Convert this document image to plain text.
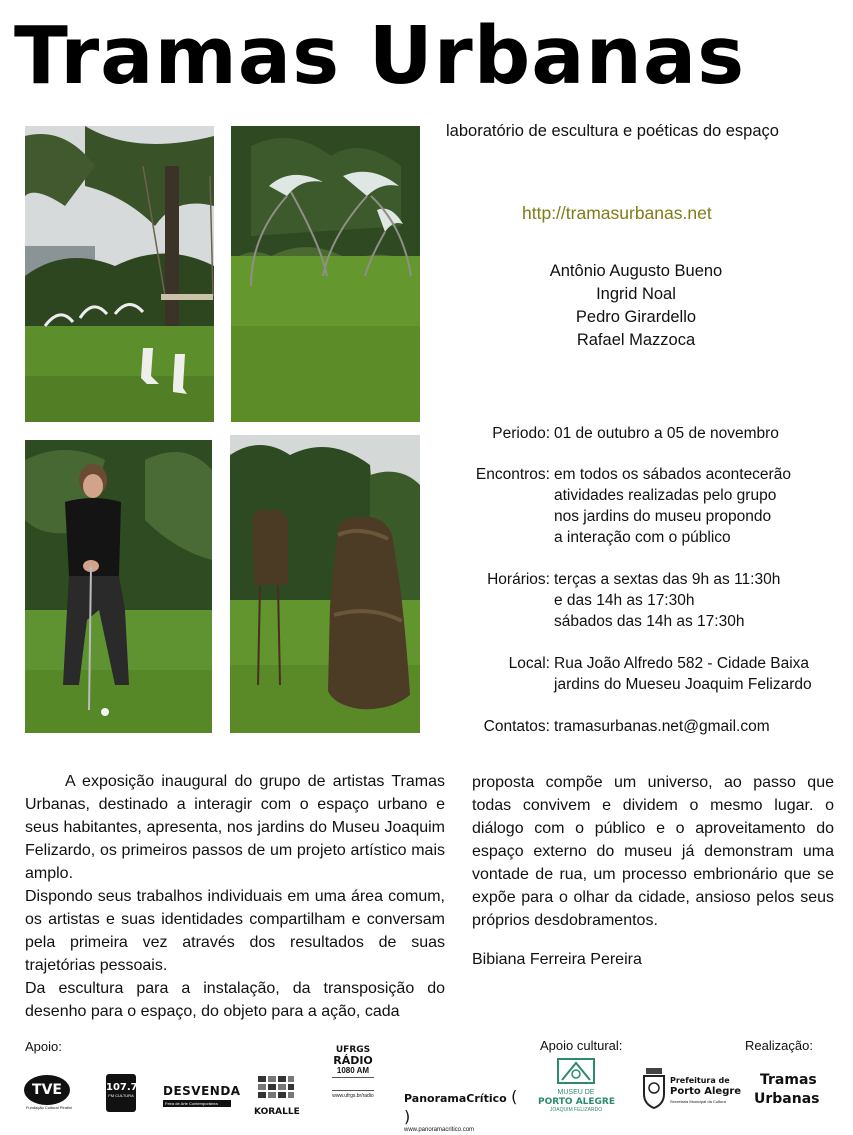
Tramas Urbanas
laboratório de escultura e poéticas do espaço
http://tramasurbanas.net
Antônio Augusto Bueno
Ingrid Noal
Pedro Girardello
Rafael Mazzoca
Periodo: 01 de outubro a 05 de novembro
Encontros: em todos os sábados acontecerão
atividades realizadas pelo grupo
nos jardins do museu propondo
a interação com o público
Horários: terças a sextas das 9h as 11:30h
e das 14h as 17:30h
sábados das 14h as 17:30h
Local: Rua João Alfredo 582 - Cidade Baixa
jardins do Mueseu Joaquim Felizardo
Contatos: tramasurbanas.net@gmail.com

A exposição inaugural do grupo de artistas Tramas Urbanas, destinado a interagir com o espaço urbano e seus habitantes, apresenta, nos jardins do Museu Joaquim Felizardo, os primeiros passos de um projeto artístico mais amplo.

Dispondo seus trabalhos individuais em uma área comum, os artistas e suas identidades compartilham e conversam pela primeira vez através dos resultados de suas trajetórias pessoais.

Da escultura para a instalação, da transposição do desenho para o espaço, do objeto para a ação, cada

proposta compõe um universo, ao passo que todas convivem e dividem o mesmo lugar. o diálogo com o público e o aproveitamento do espaço externo do museu já demonstram uma vontade de rua, um processo embrionário que se expõe para o olhar da cidade, ansioso pelos seus próprios desdobramentos.

Bibiana Ferreira Pereira
Apoio:	Apoio cultural:	Realização:
TVE
Fundação Cultural Piratini
107.7
FM CULTURA DESVENDA
Feira de Arte Contemporânea
KORALLE
UFRGS
RÁDIO
1080 AM
www.ufrgs.br/radio	PanoramaCrítico ( )
www.panoramacritico.com
MUSEU DE
PORTO ALEGRE
JOAQUIM FELIZARDO
Prefeitura de
Porto Alegre
Secretaria Municipal da Cultura
Tramas
Urbanas
